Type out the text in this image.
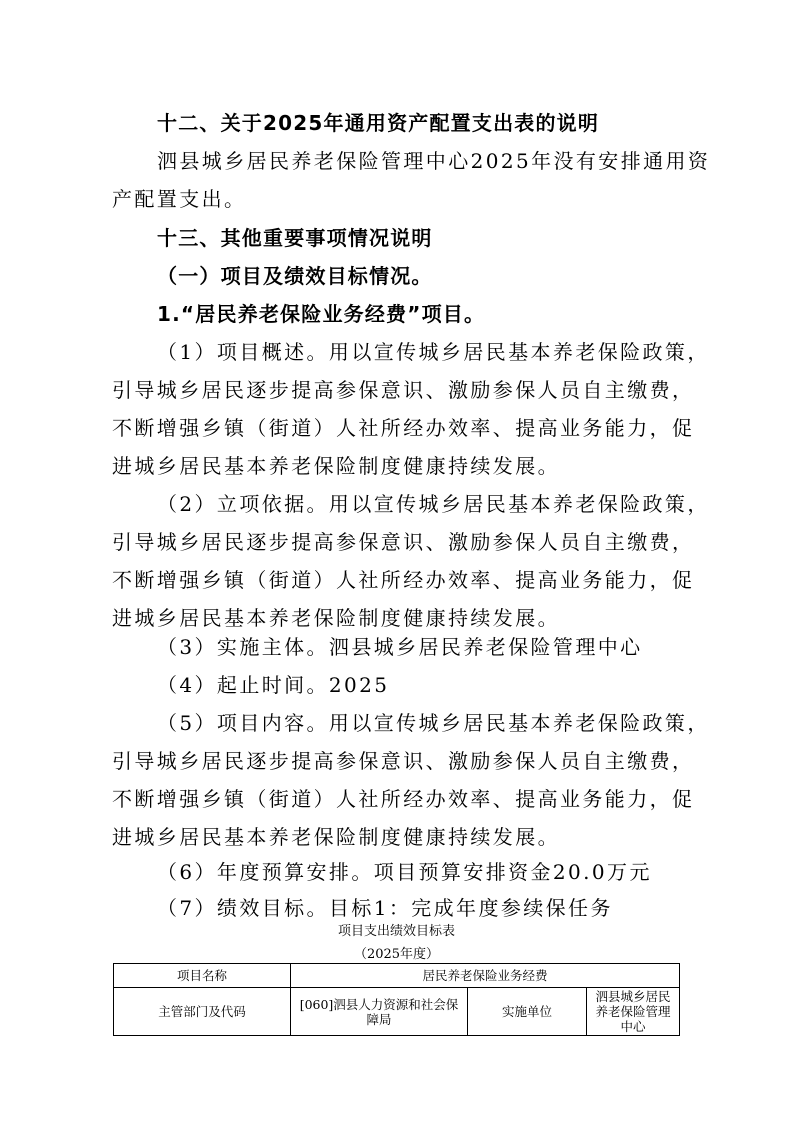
十二、关于2025年通用资产配置支出表的说明
泗县城乡居民养老保险管理中心2025年没有安排通用资
产配置支出。
十三、其他重要事项情况说明
（一）项目及绩效目标情况。
1.“居民养老保险业务经费”项目。
（1）项目概述。用以宣传城乡居民基本养老保险政策，
引导城乡居民逐步提高参保意识、激励参保人员自主缴费，
不断增强乡镇（街道）人社所经办效率、提高业务能力，促
进城乡居民基本养老保险制度健康持续发展。
（2）立项依据。用以宣传城乡居民基本养老保险政策，
引导城乡居民逐步提高参保意识、激励参保人员自主缴费，
不断增强乡镇（街道）人社所经办效率、提高业务能力，促
进城乡居民基本养老保险制度健康持续发展。
（3）实施主体。泗县城乡居民养老保险管理中心
（4）起止时间。2025
（5）项目内容。用以宣传城乡居民基本养老保险政策，
引导城乡居民逐步提高参保意识、激励参保人员自主缴费，
不断增强乡镇（街道）人社所经办效率、提高业务能力，促
进城乡居民基本养老保险制度健康持续发展。
（6）年度预算安排。项目预算安排资金20.0万元
（7）绩效目标。目标1：完成年度参续保任务
项目支出绩效目标表
（2025年度）
项目名称	居民养老保险业务经费		
主管部门及代码	[060]泗县人力资源和社会保障局	实施单位	泗县城乡居民养老保险管理中心
